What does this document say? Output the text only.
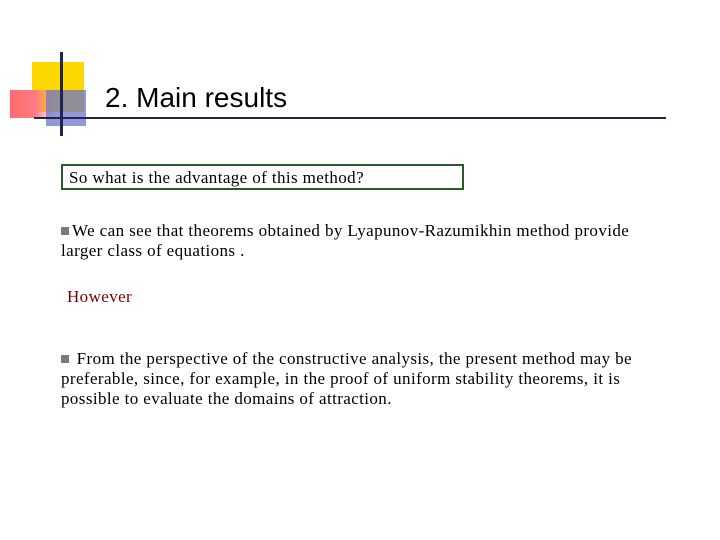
2. Main results
So what is the advantage of this method?
We can see that theorems obtained by Lyapunov-Razumikhin method provide larger class of equations .
However
From the perspective of the constructive analysis, the present method may be preferable, since, for example, in the proof of uniform stability theorems, it is possible to evaluate the domains of attraction.
